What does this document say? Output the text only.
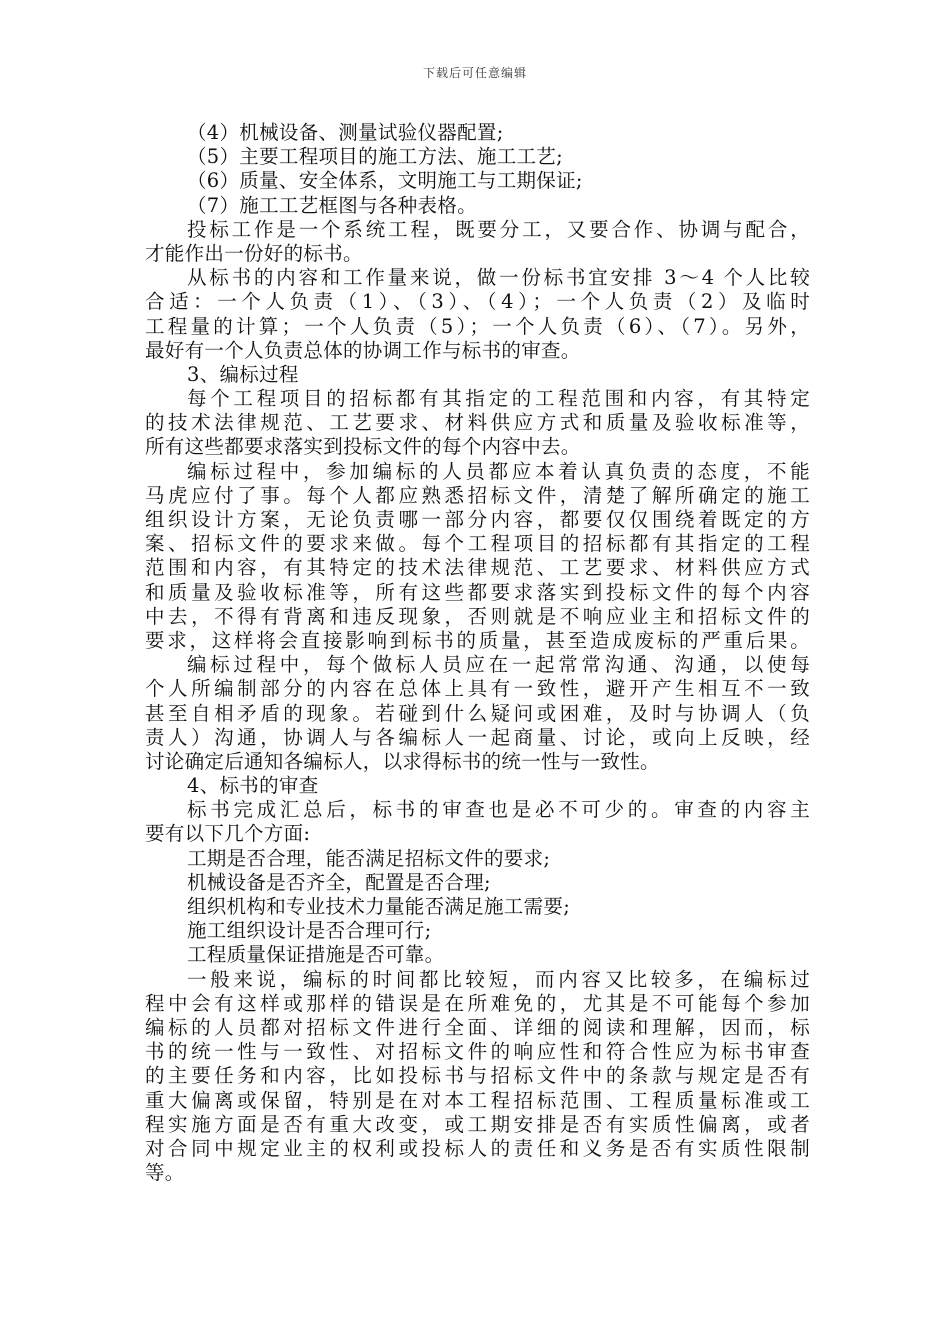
下载后可任意编辑
（4）机械设备、测量试验仪器配置;
（5）主要工程项目的施工方法、施工工艺;
（6）质量、安全体系，文明施工与工期保证;
（7）施工工艺框图与各种表格。
投标工作是一个系统工程，既要分工，又要合作、协调与配合，
才能作出一份好的标书。
从标书的内容和工作量来说，做一份标书宜安排 3～4 个人比较
合适：一个人负责（1）、（3）、（4）；一个人负责（2）及临时
工程量的计算；一个人负责（5）；一个人负责（6）、（7）。另外，
最好有一个人负责总体的协调工作与标书的审查。
3、编标过程
每个工程项目的招标都有其指定的工程范围和内容，有其特定
的技术法律规范、工艺要求、材料供应方式和质量及验收标准等，
所有这些都要求落实到投标文件的每个内容中去。
编标过程中，参加编标的人员都应本着认真负责的态度，不能
马虎应付了事。每个人都应熟悉招标文件，清楚了解所确定的施工
组织设计方案，无论负责哪一部分内容，都要仅仅围绕着既定的方
案、招标文件的要求来做。每个工程项目的招标都有其指定的工程
范围和内容，有其特定的技术法律规范、工艺要求、材料供应方式
和质量及验收标准等，所有这些都要求落实到投标文件的每个内容
中去，不得有背离和违反现象，否则就是不响应业主和招标文件的
要求，这样将会直接影响到标书的质量，甚至造成废标的严重后果。
编标过程中，每个做标人员应在一起常常沟通、沟通，以使每
个人所编制部分的内容在总体上具有一致性，避开产生相互不一致
甚至自相矛盾的现象。若碰到什么疑问或困难，及时与协调人（负
责人）沟通，协调人与各编标人一起商量、讨论，或向上反映，经
讨论确定后通知各编标人，以求得标书的统一性与一致性。
4、标书的审查
标书完成汇总后，标书的审查也是必不可少的。审查的内容主
要有以下几个方面:
工期是否合理，能否满足招标文件的要求;
机械设备是否齐全，配置是否合理;
组织机构和专业技术力量能否满足施工需要;
施工组织设计是否合理可行;
工程质量保证措施是否可靠。
一般来说，编标的时间都比较短，而内容又比较多，在编标过
程中会有这样或那样的错误是在所难免的，尤其是不可能每个参加
编标的人员都对招标文件进行全面、详细的阅读和理解，因而，标
书的统一性与一致性、对招标文件的响应性和符合性应为标书审查
的主要任务和内容，比如投标书与招标文件中的条款与规定是否有
重大偏离或保留，特别是在对本工程招标范围、工程质量标准或工
程实施方面是否有重大改变，或工期安排是否有实质性偏离，或者
对合同中规定业主的权利或投标人的责任和义务是否有实质性限制
等。
